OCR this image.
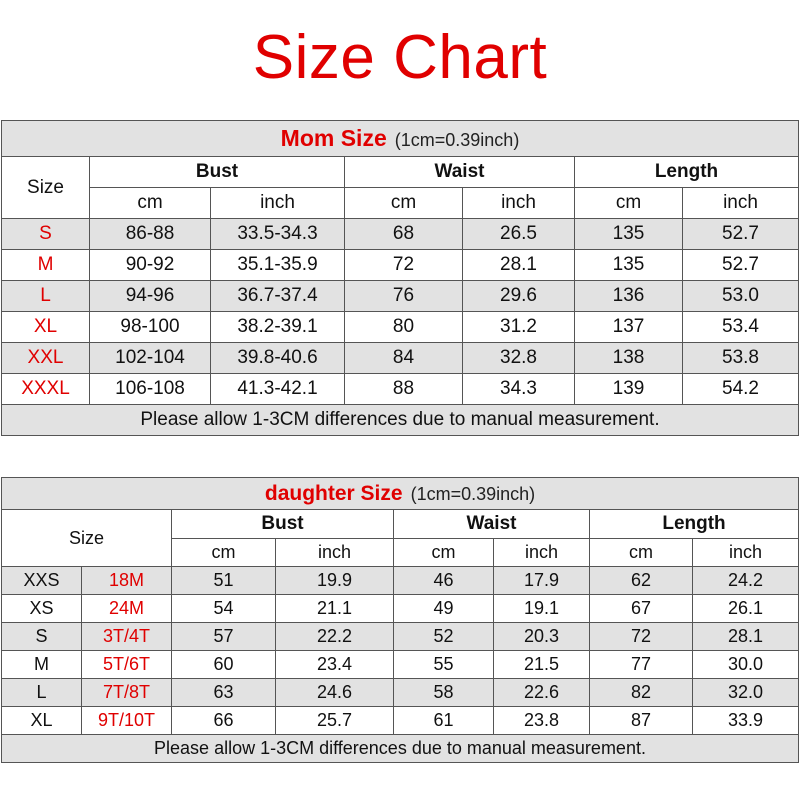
Size Chart
Mom Size (1cm=0.39inch)						
Size	Bust		Waist		Length	
	cm	inch	cm	inch	cm	inch
S	86-88	33.5-34.3	68	26.5	135	52.7
M	90-92	35.1-35.9	72	28.1	135	52.7
L	94-96	36.7-37.4	76	29.6	136	53.0
XL	98-100	38.2-39.1	80	31.2	137	53.4
XXL	102-104	39.8-40.6	84	32.8	138	53.8
XXXL	106-108	41.3-42.1	88	34.3	139	54.2
Please allow 1-3CM differences due to manual measurement.						
daughter Size (1cm=0.39inch)							
Size		Bust		Waist		Length	
		cm	inch	cm	inch	cm	inch
XXS	18M	51	19.9	46	17.9	62	24.2
XS	24M	54	21.1	49	19.1	67	26.1
S	3T/4T	57	22.2	52	20.3	72	28.1
M	5T/6T	60	23.4	55	21.5	77	30.0
L	7T/8T	63	24.6	58	22.6	82	32.0
XL	9T/10T	66	25.7	61	23.8	87	33.9
Please allow 1-3CM differences due to manual measurement.							
